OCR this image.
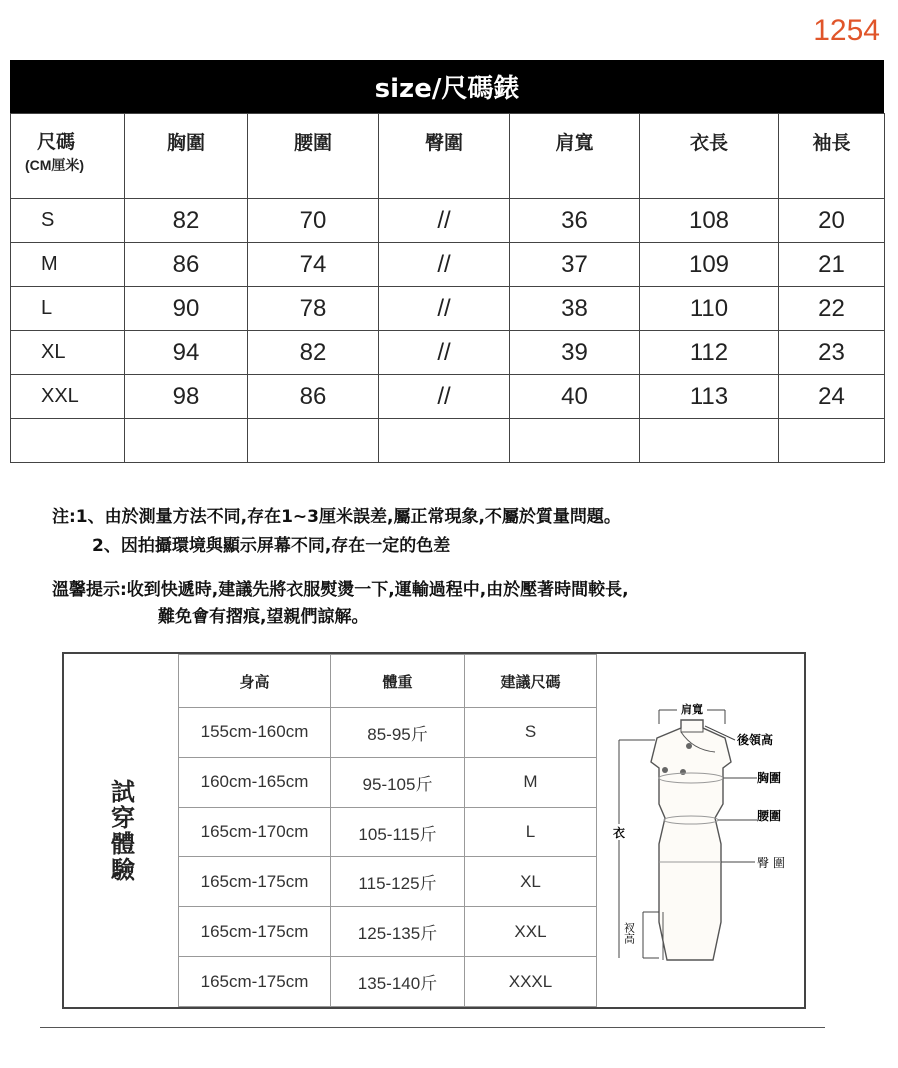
1254
size/尺碼錶
尺碼
(CM厘米)	胸圍	腰圍	臀圍	肩寬	衣長	袖長
S	82	70	//	36	108	20
M	86	74	//	37	109	21
L	90	78	//	38	110	22
XL	94	82	//	39	112	23
XXL	98	86	//	40	113	24

注:1、由於測量方法不同,存在1~3厘米誤差,屬正常現象,不屬於質量問題。
2、因拍攝環境與顯示屏幕不同,存在一定的色差
溫馨提示:收到快遞時,建議先將衣服熨燙一下,運輸過程中,由於壓著時間較長,
難免會有摺痕,望親們諒解。
試穿體驗
身高	體重	建議尺碼
155cm-160cm	85-95斤	S
160cm-165cm	95-105斤	M
165cm-170cm	105-115斤	L
165cm-175cm	115-125斤	XL
165cm-175cm	125-135斤	XXL
165cm-175cm	135-140斤	XXXL
肩寬
後領高
胸圍
腰圍
臀 圍
衣
衩高
